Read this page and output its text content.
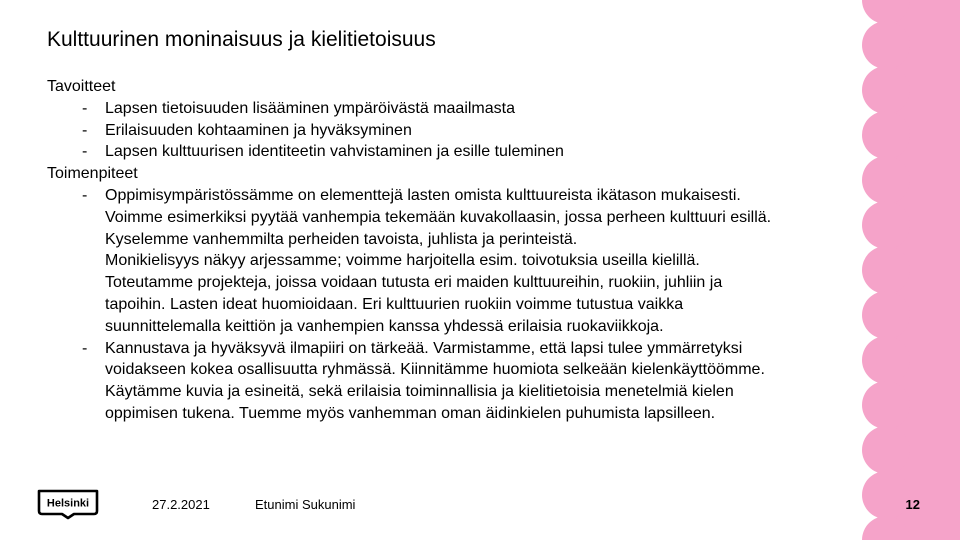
Kulttuurinen moninaisuus ja kielitietoisuus

Tavoitteet

- Lapsen tietoisuuden lisääminen ympäröivästä maailmasta
- Erilaisuuden kohtaaminen ja hyväksyminen
- Lapsen kulttuurisen identiteetin vahvistaminen ja esille tuleminen

Toimenpiteet

- Oppimisympäristössämme on elementtejä lasten omista kulttuureista ikätason mukaisesti. Voimme esimerkiksi pyytää vanhempia tekemään kuvakollaasin, jossa perheen kulttuuri esillä. Kyselemme vanhemmilta perheiden tavoista, juhlista ja perinteistä.
Monikielisyys näkyy arjessamme; voimme harjoitella esim. toivotuksia useilla kielillä. Toteutamme projekteja, joissa voidaan tutusta eri maiden kulttuureihin, ruokiin, juhliin ja tapoihin. Lasten ideat huomioidaan. Eri kulttuurien ruokiin voimme tutustua vaikka suunnittelemalla keittiön ja vanhempien kanssa yhdessä erilaisia ruokaviikkoja.
- Kannustava ja hyväksyvä ilmapiiri on tärkeää. Varmistamme, että lapsi tulee ymmärretyksi voidakseen kokea osallisuutta ryhmässä. Kiinnitämme huomiota selkeään kielenkäyttöömme. Käytämme kuvia ja esineitä, sekä erilaisia toiminnallisia ja kielitietoisia menetelmiä kielen oppimisen tukena. Tuemme myös vanhemman oman äidinkielen puhumista lapsilleen.
Helsinki	27.2.2021	Etunimi Sukunimi	12
